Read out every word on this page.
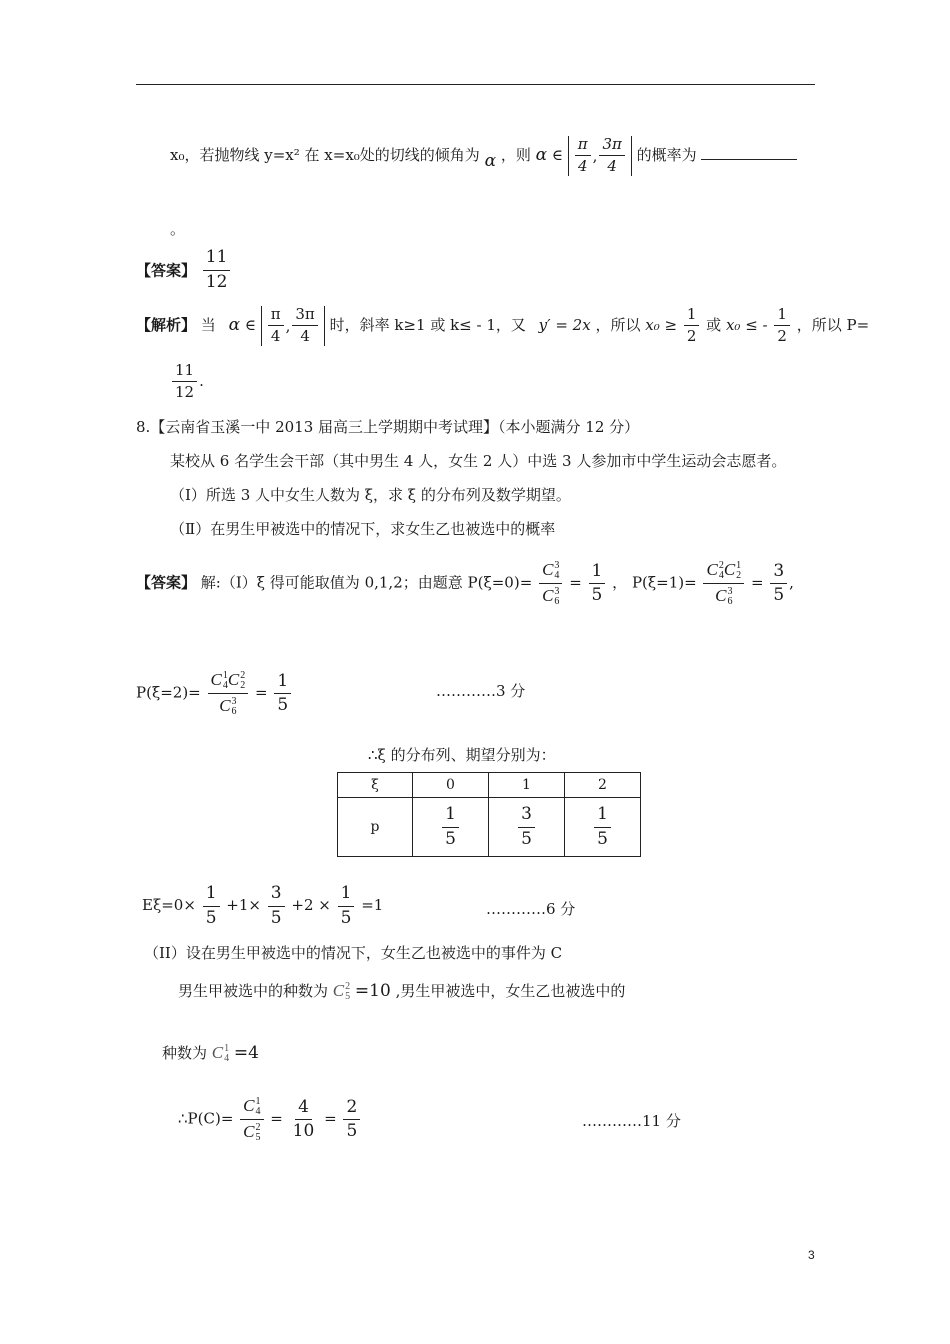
x₀，若抛物线 y=x² 在 x=x₀处的切线的倾角为 α ，则 α ∈ $\frac{\pi}{4}$ , $\frac{3\pi}{4}$ 的概率为
。
【答案】 $\frac{11}{12}$
【解析】 当 α ∈ $\frac{\pi}{4}$ , $\frac{3\pi}{4}$ 时，斜率 k≥1 或 k≤ - 1，又 y′ = 2x ，所以 $x_0 \ge \frac{1}{2}$ 或 x₀ ≤ - $\frac{1}{2}$ ，所以 P=
$\frac{11}{12}$ .
8.【云南省玉溪一中 2013 届高三上学期期中考试理】（本小题满分 12 分）
某校从 6 名学生会干部（其中男生 4 人，女生 2 人）中选 3 人参加市中学生运动会志愿者。
（Ⅰ）所选 3 人中女生人数为 ξ，求 ξ 的分布列及数学期望。
（Ⅱ）在男生甲被选中的情况下，求女生乙也被选中的概率
【答案】 解:（I）ξ 得可能取值为 0,1,2；由题意 P(ξ=0)= C 3
4
C 3
$6 = \frac{1}{5}$ ， P(ξ=1)= C 2
4 C 1
2
C 3
$6 = \frac{3}{5}$ ,
P(ξ=2)= C 1
4 C 2
2
C 3
$6 = \frac{1}{5}$	…………3 分
∴ξ 的分布列、期望分别为：
ξ	0	1	2
p	$\frac{1}{5}$	$\frac{3}{5}$	$\frac{1}{5}$
$E\xi=0\times \frac{1}{5} +1\times \frac{3}{5} +2 \times \frac{1}{5} =1$	…………6 分
（II）设在男生甲被选中的情况下，女生乙也被选中的事件为 C
男生甲被选中的种数为 C 2
5 =10 ,男生甲被选中，女生乙也被选中的
种数为 C 1
4 =4
∴P(C)= C 1
4
C 2
$5 = \frac{4}{10} = \frac{2}{5}$	…………11 分
3
